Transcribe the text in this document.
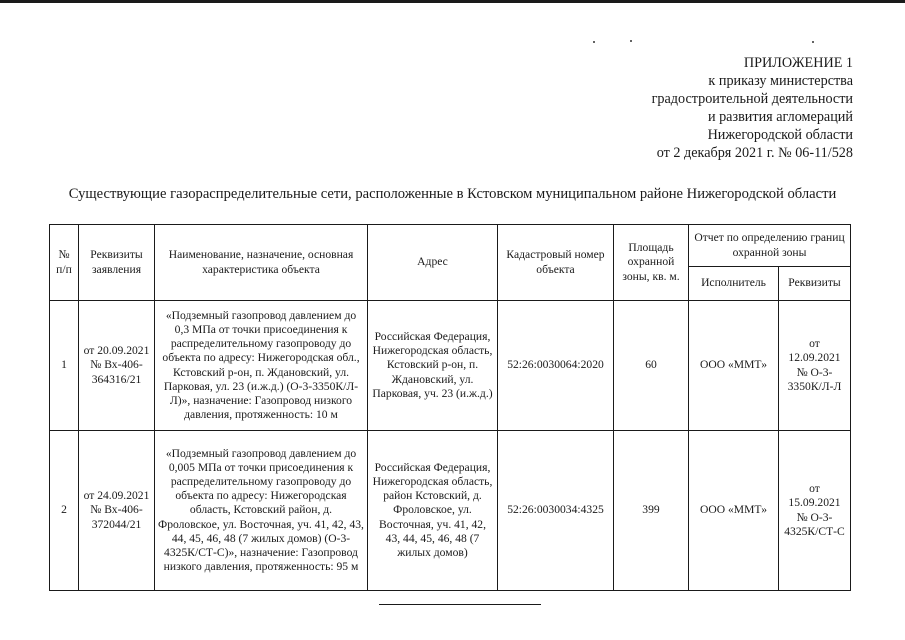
ПРИЛОЖЕНИЕ 1
к приказу министерства
градостроительной деятельности
и развития агломераций
Нижегородской области
от 2 декабря 2021 г. № 06-11/528
Существующие газораспределительные сети, расположенные в Кстовском муниципальном районе Нижегородской области
№ п/п	Реквизиты заявления	Наименование, назначение, основная характеристика объекта	Адрес	Кадастровый номер объекта	Площадь охранной зоны, кв. м.	Отчет по определению границ охранной зоны	
						Исполнитель	Реквизиты
1	от 20.09.2021 № Вх-406-364316/21	«Подземный газопровод давлением до 0,3 МПа от точки присоединения к распределительному газопроводу до объекта по адресу: Нижегородская обл., Кстовский р-он, п. Ждановский, ул. Парковая, ул. 23 (и.ж.д.) (О-3-3350К/Л-Л)», назначение: Газопровод низкого давления, протяженность: 10 м	Российская Федерация, Нижегородская область, Кстовский р-он, п. Ждановский, ул. Парковая, уч. 23 (и.ж.д.)	52:26:0030064:2020	60	ООО «ММТ»	от 12.09.2021 № О-3-3350К/Л-Л
2	от 24.09.2021 № Вх-406-372044/21	«Подземный газопровод давлением до 0,005 МПа от точки присоединения к распределительному газопроводу до объекта по адресу: Нижегородская область, Кстовский район, д. Фроловское, ул. Восточная, уч. 41, 42, 43, 44, 45, 46, 48 (7 жилых домов) (О-3-4325К/СТ-С)», назначение: Газопровод низкого давления, протяженность: 95 м	Российская Федерация, Нижегородская область, район Кстовский, д. Фроловское, ул. Восточная, уч. 41, 42, 43, 44, 45, 46, 48 (7 жилых домов)	52:26:0030034:4325	399	ООО «ММТ»	от 15.09.2021 № О-3-4325К/СТ-С
